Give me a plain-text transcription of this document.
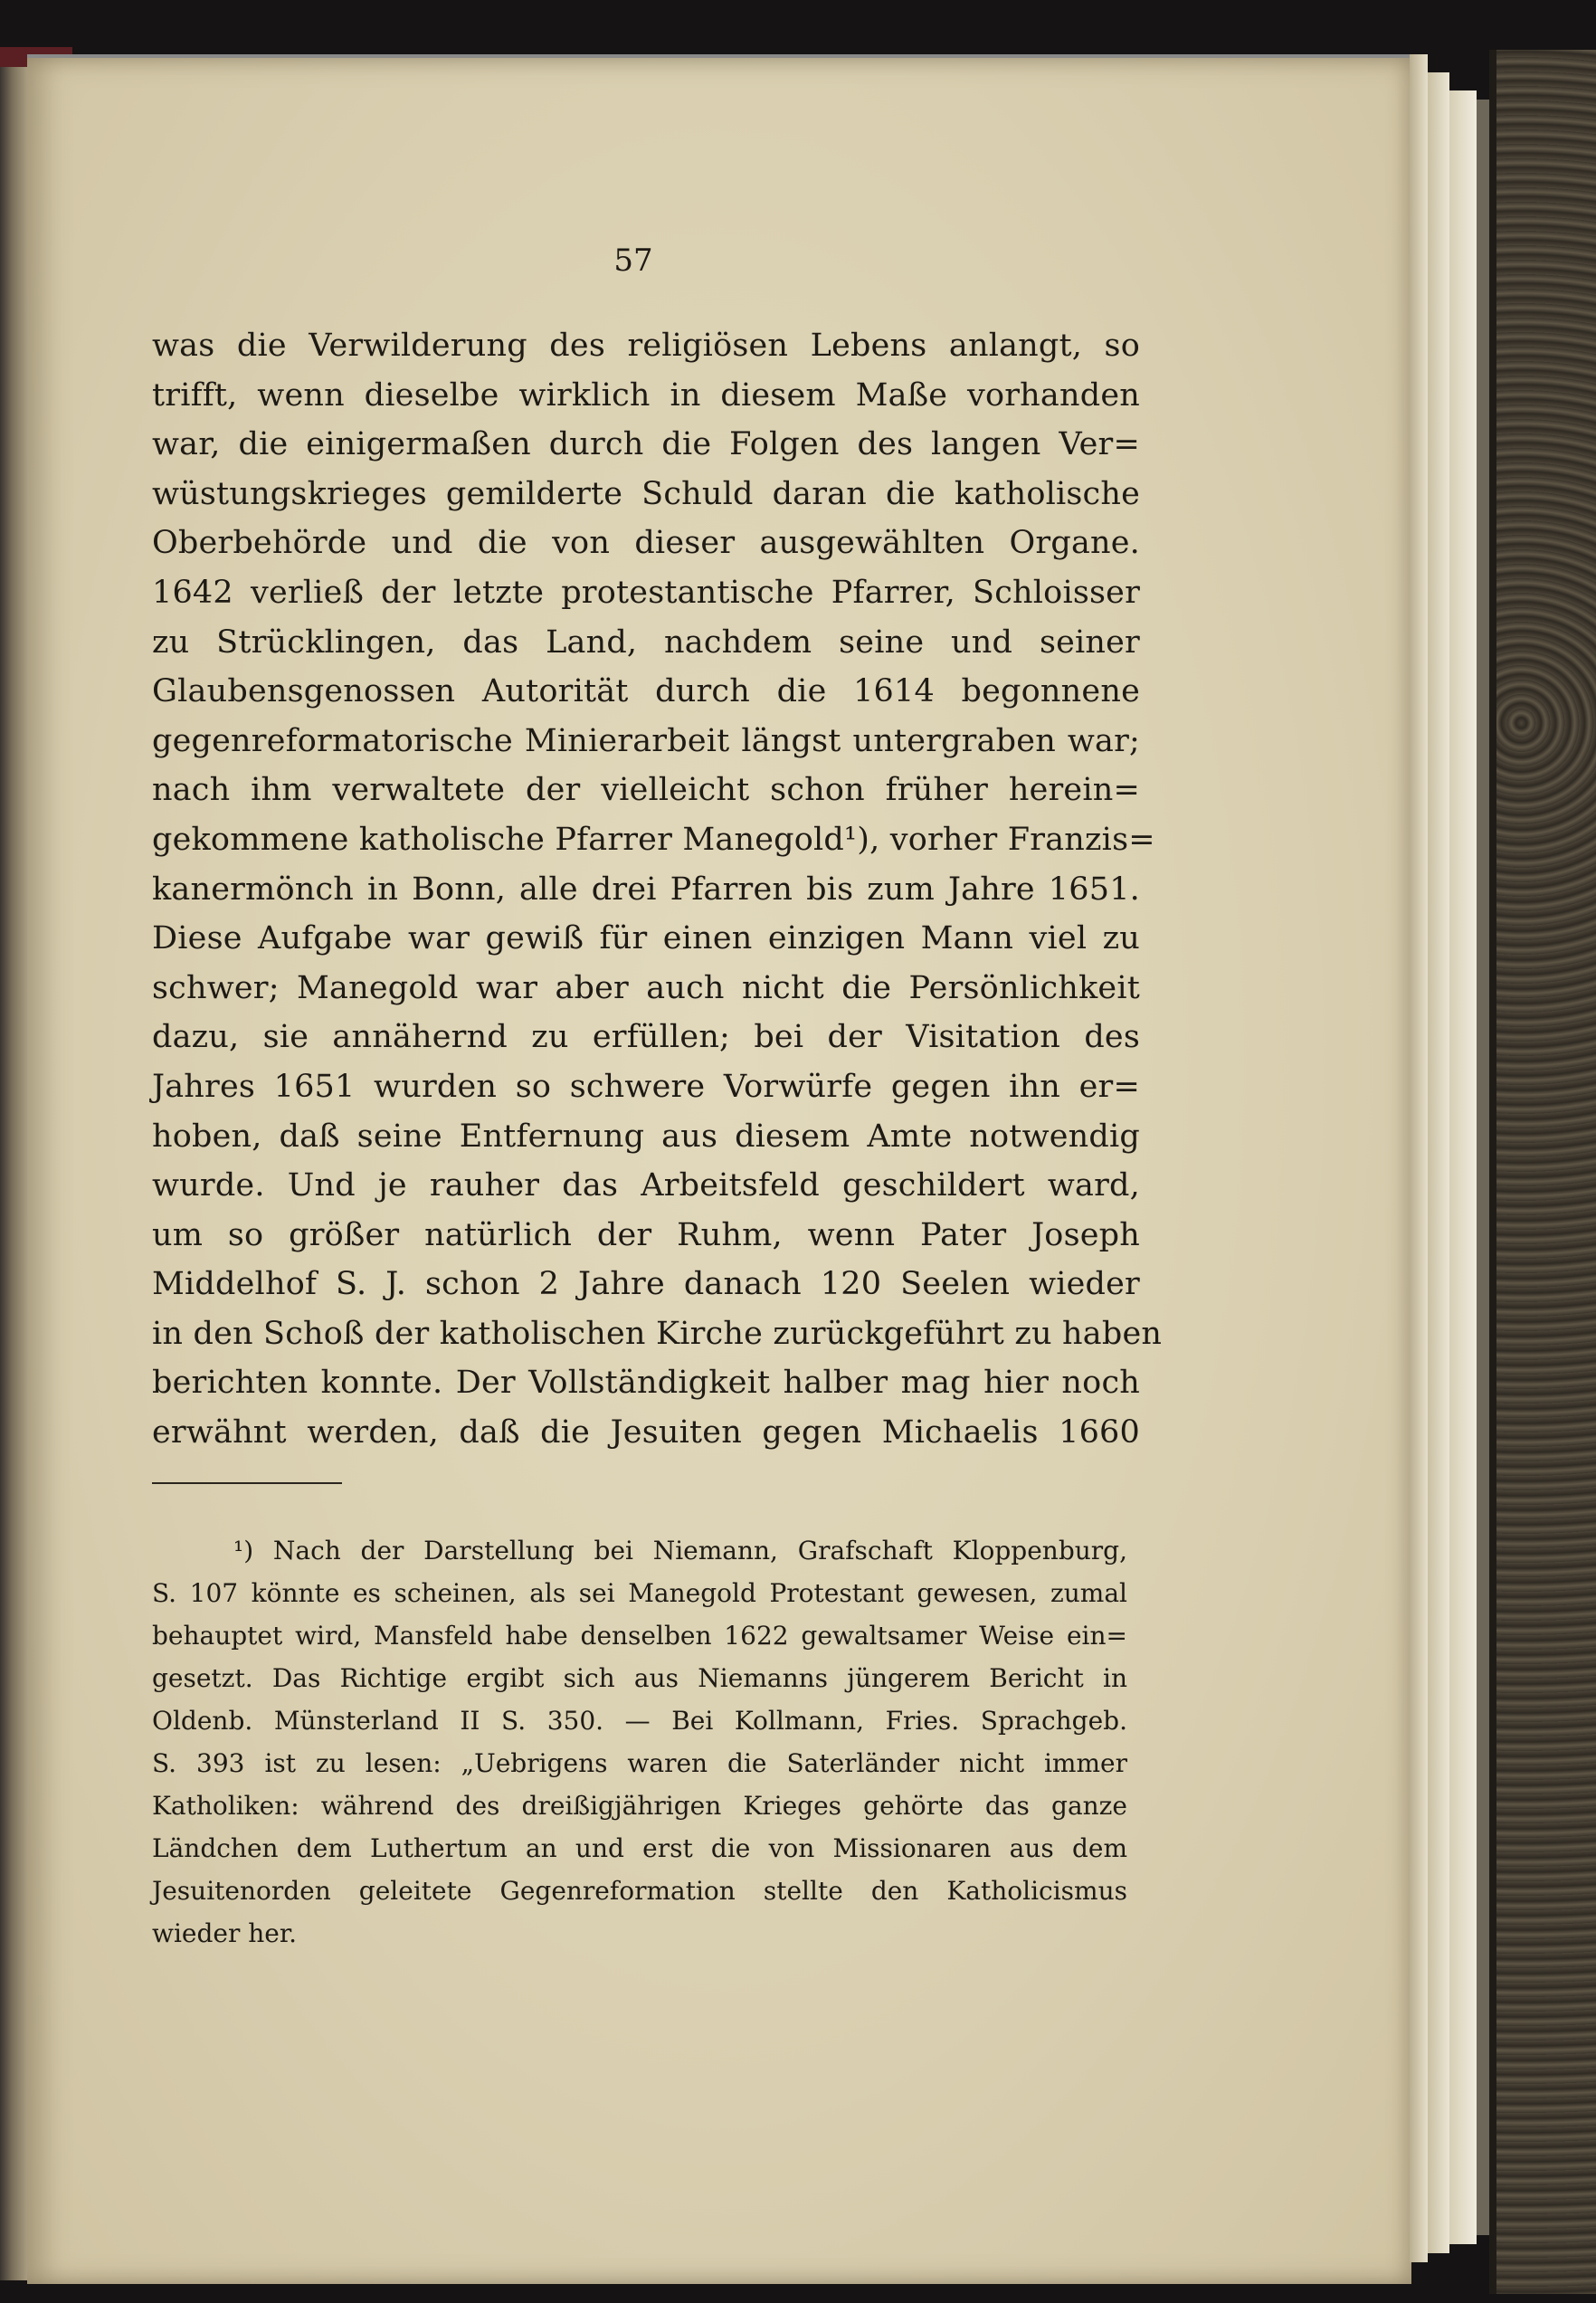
57
was die Verwilderung des religiösen Lebens anlangt, so
trifft, wenn dieselbe wirklich in diesem Maße vorhanden
war, die einigermaßen durch die Folgen des langen Ver=
wüstungskrieges gemilderte Schuld daran die katholische
Oberbehörde und die von dieser ausgewählten Organe.
1642 verließ der letzte protestantische Pfarrer, Schloisser
zu Strücklingen, das Land, nachdem seine und seiner
Glaubensgenossen Autorität durch die 1614 begonnene
gegenreformatorische Minierarbeit längst untergraben war;
nach ihm verwaltete der vielleicht schon früher herein=
gekommene katholische Pfarrer Manegold¹), vorher Franzis=
kanermönch in Bonn, alle drei Pfarren bis zum Jahre 1651.
Diese Aufgabe war gewiß für einen einzigen Mann viel zu
schwer; Manegold war aber auch nicht die Persönlichkeit
dazu, sie annähernd zu erfüllen; bei der Visitation des
Jahres 1651 wurden so schwere Vorwürfe gegen ihn er=
hoben, daß seine Entfernung aus diesem Amte notwendig
wurde. Und je rauher das Arbeitsfeld geschildert ward,
um so größer natürlich der Ruhm, wenn Pater Joseph
Middelhof S. J. schon 2 Jahre danach 120 Seelen wieder
in den Schoß der katholischen Kirche zurückgeführt zu haben
berichten konnte. Der Vollständigkeit halber mag hier noch
erwähnt werden, daß die Jesuiten gegen Michaelis 1660
¹) Nach der Darstellung bei Niemann, Grafschaft Kloppenburg,
S. 107 könnte es scheinen, als sei Manegold Protestant gewesen, zumal
behauptet wird, Mansfeld habe denselben 1622 gewaltsamer Weise ein=
gesetzt. Das Richtige ergibt sich aus Niemanns jüngerem Bericht in
Oldenb. Münsterland II S. 350. — Bei Kollmann, Fries. Sprachgeb.
S. 393 ist zu lesen: „Uebrigens waren die Saterländer nicht immer
Katholiken: während des dreißigjährigen Krieges gehörte das ganze
Ländchen dem Luthertum an und erst die von Missionaren aus dem
Jesuitenorden geleitete Gegenreformation stellte den Katholicismus
wieder her.
